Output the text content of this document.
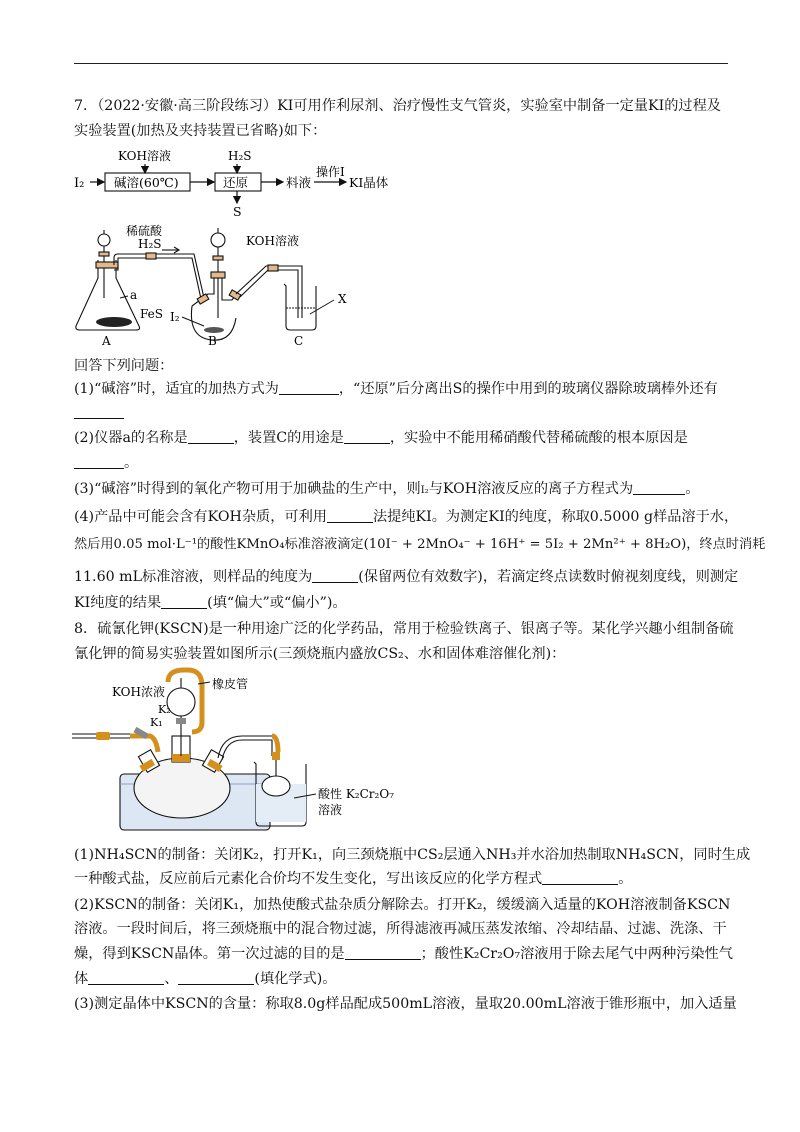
7．（2022·安徽·高三阶段练习）KI可用作利尿剂、治疗慢性支气管炎，实验室中制备一定量KI的过程及
实验装置(加热及夹持装置已省略)如下：
I₂
KOH溶液
碱溶(60℃)
H₂S
还原
S
料液
操作I
KI晶体
稀硫酸
H₂S
a
FeS
A
KOH溶液
I₂
B
X
C
回答下列问题：
(1)“碱溶”时，适宜的加热方式为	，“还原”后分离出S的操作中用到的玻璃仪器除玻璃棒外还有
(2)仪器a的名称是	，装置C的用途是	，实验中不能用稀硝酸代替稀硫酸的根本原因是
。
(3)“碱溶”时得到的氧化产物可用于加碘盐的生产中，则I₂与KOH溶液反应的离子方程式为	。
(4)产品中可能会含有KOH杂质，可利用	法提纯KI。为测定KI的纯度，称取0.5000 g样品溶于水，
然后用0.05 mol·L⁻¹的酸性KMnO₄标准溶液滴定(10I⁻ + 2MnO₄⁻ + 16H⁺ = 5I₂ + 2Mn²⁺ + 8H₂O)，终点时消耗
11.60 mL标准溶液，则样品的纯度为	(保留两位有效数字)，若滴定终点读数时俯视刻度线，则测定
KI纯度的结果	(填“偏大”或“偏小”)。
8．硫氰化钾(KSCN)是一种用途广泛的化学药品，常用于检验铁离子、银离子等。某化学兴趣小组制备硫
氰化钾的简易实验装置如图所示(三颈烧瓶内盛放CS₂、水和固体难溶催化剂)：
KOH浓液
橡皮管
K₂
K₁
酸性 K₂Cr₂O₇
溶液
(1)NH₄SCN的制备：关闭K₂，打开K₁，向三颈烧瓶中CS₂层通入NH₃并水浴加热制取NH₄SCN，同时生成
一种酸式盐，反应前后元素化合价均不发生变化，写出该反应的化学方程式	。
(2)KSCN的制备：关闭K₁，加热使酸式盐杂质分解除去。打开K₂，缓缓滴入适量的KOH溶液制备KSCN
溶液。一段时间后，将三颈烧瓶中的混合物过滤，所得滤液再减压蒸发浓缩、冷却结晶、过滤、洗涤、干
燥，得到KSCN晶体。第一次过滤的目的是	；酸性K₂Cr₂O₇溶液用于除去尾气中两种污染性气
体	、	(填化学式)。
(3)测定晶体中KSCN的含量：称取8.0g样品配成500mL溶液，量取20.00mL溶液于锥形瓶中，加入适量
